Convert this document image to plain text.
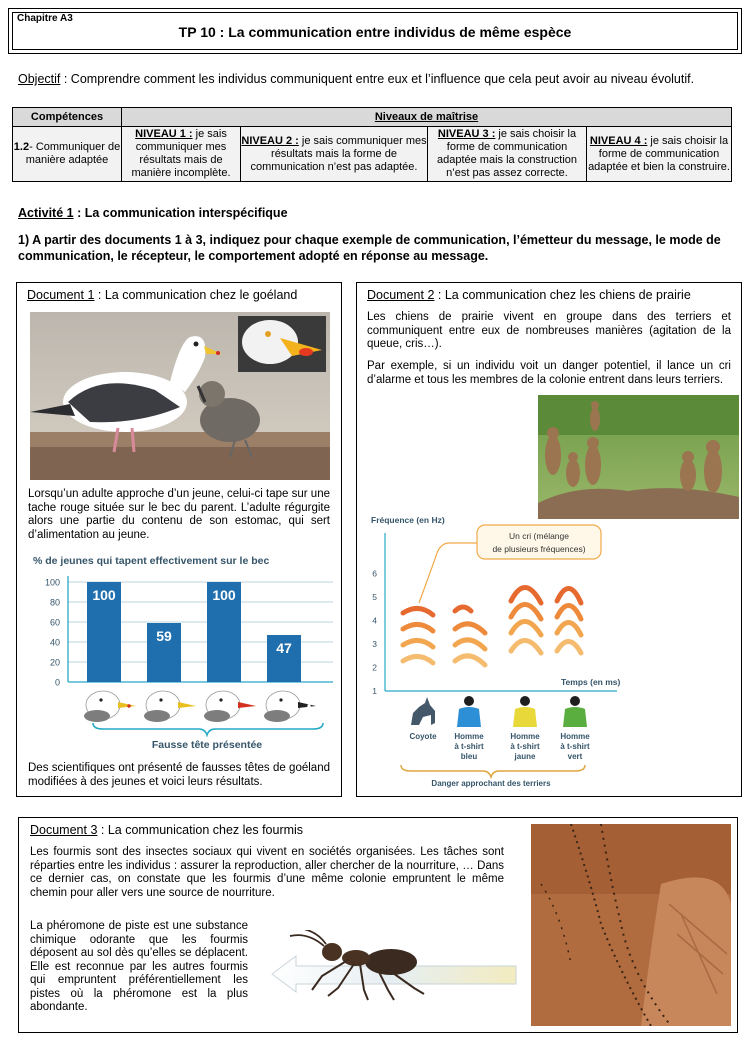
Chapitre A3
TP 10 : La communication entre individus de même espèce
Objectif : Comprendre comment les individus communiquent entre eux et l’influence que cela peut avoir au niveau évolutif.
Compétences	Niveaux de maîtrise			
1.2- Communiquer de manière adaptée	NIVEAU 1 : je sais communiquer mes résultats mais de manière incomplète.	NIVEAU 2 : je sais communiquer mes résultats mais la forme de communication n’est pas adaptée.	NIVEAU 3 : je sais choisir la forme de communication adaptée mais la construction n’est pas assez correcte.	NIVEAU 4 : je sais choisir la forme de communication adaptée et bien la construire.
Activité 1 : La communication interspécifique
1) A partir des documents 1 à 3, indiquez pour chaque exemple de communication, l’émetteur du message, le mode de communication, le récepteur, le comportement adopté en réponse au message.
Document 1 : La communication chez le goéland
Lorsqu’un adulte approche d’un jeune, celui-ci tape sur une tache rouge située sur le bec du parent. L’adulte régurgite alors une partie du contenu de son estomac, qui sert d’alimentation au jeune.
% de jeunes qui tapent effectivement sur le bec
0
20
40
60
80
100
100
59
100
47
Fausse tête présentée
Des scientifiques ont présenté de fausses têtes de goéland modifiées à des jeunes et voici leurs résultats.
Document 2 : La communication chez les chiens de prairie
Les chiens de prairie vivent en groupe dans des terriers et communiquent entre eux de nombreuses manières (agitation de la queue, cris…).
Par exemple, si un individu voit un danger potentiel, il lance un cri d’alarme et tous les membres de la colonie entrent dans leurs terriers.
Fréquence (en Hz)
1
2
3
4
5
6
Temps (en ms)
Un cri (mélange
de plusieurs fréquences)
Coyote Homme
à t-shirt
bleu
Homme
à t-shirt
jaune
Homme
à t-shirt
vert
Danger approchant des terriers
Document 3 : La communication chez les fourmis
Les fourmis sont des insectes sociaux qui vivent en sociétés organisées. Les tâches sont réparties entre les individus : assurer la reproduction, aller chercher de la nourriture, … Dans ce dernier cas, on constate que les fourmis d’une même colonie empruntent le même chemin pour aller vers une source de nourriture.
La phéromone de piste est une substance chimique odorante que les fourmis déposent au sol dès qu’elles se déplacent. Elle est reconnue par les autres fourmis qui empruntent préférentiellement les pistes où la phéromone est la plus abondante.
